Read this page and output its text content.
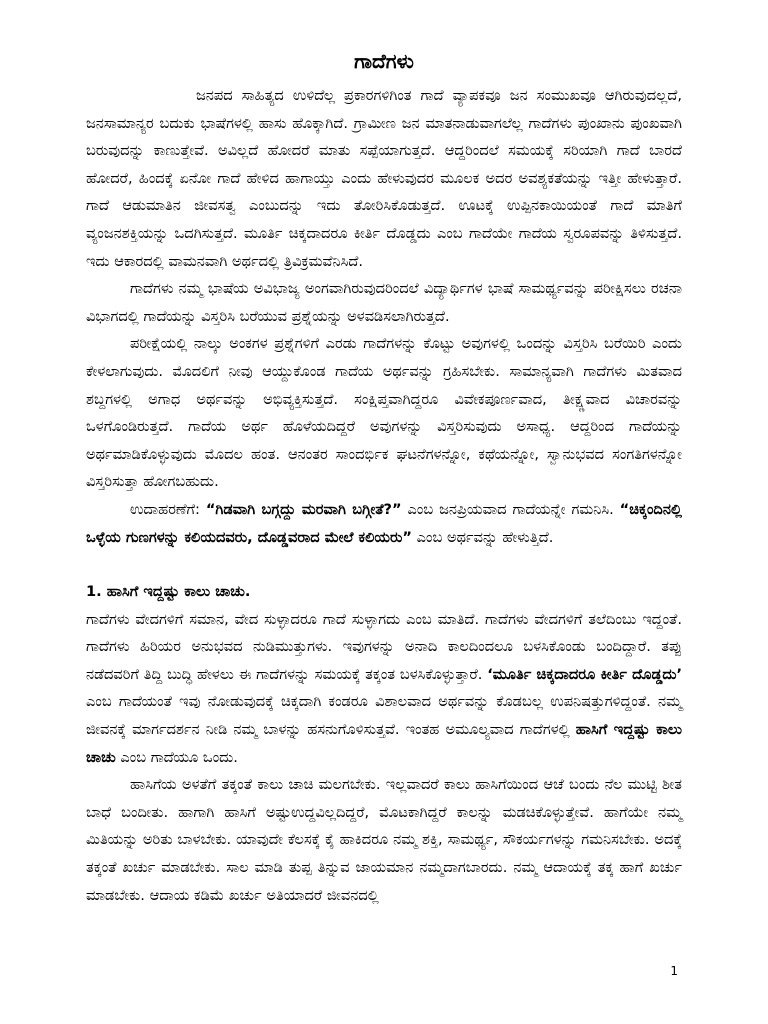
ಗಾದೆಗಳು

ಜನಪದ ಸಾಹಿತ್ಯದ ಉಳಿದೆಲ್ಲ ಪ್ರಕಾರಗಳಿಗಿಂತ ಗಾದೆ ವ್ಯಾಪಕವೂ ಜನ ಸಂಮುಖವೂ ಆಗಿರುವುದಲ್ಲದೆ, ಜನಸಾಮಾನ್ಯರ ಬದುಕು ಭಾಷೆಗಳಲ್ಲಿ ಹಾಸು ಹೊಕ್ಕಾಗಿದೆ. ಗ್ರಾಮೀಣ ಜನ ಮಾತನಾಡುವಾಗಲೆಲ್ಲ ಗಾದೆಗಳು ಪುಂಖಾನು ಪುಂಖವಾಗಿ ಬರುವುದನ್ನು ಕಾಣುತ್ತೇವೆ. ಅವಿಲ್ಲದೆ ಹೋದರೆ ಮಾತು ಸಪ್ಪೆಯಾಗುತ್ತದೆ. ಆದ್ದರಿಂದಲೆ ಸಮಯಕ್ಕೆ ಸರಿಯಾಗಿ ಗಾದೆ ಬಾರದೆ ಹೋದರೆ, ಹಿಂದಕ್ಕೆ ಏನೋ ಗಾದೆ ಹೇಳಿದ ಹಾಗಾಯ್ತು ಎಂದು ಹೇಳುವುದರ ಮೂಲಕ ಅದರ ಅವಶ್ಯಕತೆಯನ್ನು ಇತ್ತೀ ಹೇಳುತ್ತಾರೆ. ಗಾದೆ ಆಡುಮಾತಿನ ಜೀವಸತ್ವ ಎಂಬುದನ್ನು ಇದು ತೋರಿಸಿಕೊಡುತ್ತದೆ. ಊಟಕ್ಕೆ ಉಪ್ಪಿನಕಾಯಿಯಂತೆ ಗಾದೆ ಮಾತಿಗೆ ವ್ಯಂಜನಶಕ್ತಿಯನ್ನು ಒದಗಿಸುತ್ತದೆ. ಮೂರ್ತಿ ಚಿಕ್ಕದಾದರೂ ಕೀರ್ತಿ ದೊಡ್ಡದು ಎಂಬ ಗಾದೆಯೇ ಗಾದೆಯ ಸ್ವರೂಪವನ್ನು ತಿಳಿಸುತ್ತದೆ. ಇದು ಆಕಾರದಲ್ಲಿ ವಾಮನವಾಗಿ ಅರ್ಥದಲ್ಲಿ ತ್ರಿವಿಕ್ರಮವೆನಿಸಿದೆ.

ಗಾದೆಗಳು ನಮ್ಮ ಭಾಷೆಯ ಅವಿಭಾಜ್ಯ ಅಂಗವಾಗಿರುವುದರಿಂದಲೆ ವಿದ್ಯಾರ್ಥಿಗಳ ಭಾಷೆ ಸಾಮರ್ಥ್ಯವನ್ನು ಪರೀಕ್ಷಿಸಲು ರಚನಾ ವಿಭಾಗದಲ್ಲಿ ಗಾದೆಯನ್ನು ವಿಸ್ತರಿಸಿ ಬರೆಯುವ ಪ್ರಶ್ನೆಯನ್ನು ಅಳವಡಿಸಲಾಗಿರುತ್ತದೆ.

ಪರೀಕ್ಷೆಯಲ್ಲಿ ನಾಲ್ಕು ಅಂಕಗಳ ಪ್ರಶ್ನೆಗಳಿಗೆ ಎರಡು ಗಾದೆಗಳನ್ನು ಕೊಟ್ಟು ಅವುಗಳಲ್ಲಿ ಒಂದನ್ನು ವಿಸ್ತರಿಸಿ ಬರೆಯಿರಿ ಎಂದು ಕೇಳಲಾಗುವುದು. ಮೊದಲಿಗೆ ನೀವು ಆಯ್ದುಕೊಂಡ ಗಾದೆಯ ಅರ್ಥವನ್ನು ಗ್ರಹಿಸಬೇಕು. ಸಾಮಾನ್ಯವಾಗಿ ಗಾದೆಗಳು ಮಿತವಾದ ಶಬ್ದಗಳಲ್ಲಿ ಅಗಾಧ ಅರ್ಥವನ್ನು ಅಭಿವ್ಯಕ್ತಿಸುತ್ತದೆ. ಸಂಕ್ಷಿಪ್ತವಾಗಿದ್ದರೂ ವಿವೇಕಪೂರ್ಣವಾದ, ತೀಕ್ಷ್ಣವಾದ ವಿಚಾರವನ್ನು ಒಳಗೊಂಡಿರುತ್ತದೆ. ಗಾದೆಯ ಅರ್ಥ ಹೊಳೆಯದಿದ್ದರೆ ಅವುಗಳನ್ನು ವಿಸ್ತರಿಸುವುದು ಅಸಾಧ್ಯ. ಆದ್ದರಿಂದ ಗಾದೆಯನ್ನು ಅರ್ಥಮಾಡಿಕೊಳ್ಳುವುದು ಮೊದಲ ಹಂತ. ಆನಂತರ ಸಾಂದರ್ಭಿಕ ಘಟನೆಗಳನ್ನೋ, ಕಥೆಯನ್ನೋ, ಸ್ವಾನುಭವದ ಸಂಗತಿಗಳನ್ನೋ ವಿಸ್ತರಿಸುತ್ತಾ ಹೋಗಬಹುದು.

ಉದಾಹರಣೆಗೆ: “ಗಿಡವಾಗಿ ಬಗ್ಗದ್ದು ಮರವಾಗಿ ಬಗ್ಗೀತೆ?” ಎಂಬ ಜನಪ್ರಿಯವಾದ ಗಾದೆಯನ್ನೇ ಗಮನಿಸಿ. “ಚಿಕ್ಕಂದಿನಲ್ಲಿ ಒಳ್ಳೆಯ ಗುಣಗಳನ್ನು ಕಲಿಯದವರು, ದೊಡ್ಡವರಾದ ಮೇಲೆ ಕಲಿಯರು” ಎಂಬ ಅರ್ಥವನ್ನು ಹೇಳುತ್ತಿದೆ.

1. ಹಾಸಿಗೆ ಇದ್ದಷ್ಟು ಕಾಲು ಚಾಚು.

ಗಾದೆಗಳು ವೇದಗಳಿಗೆ ಸಮಾನ, ವೇದ ಸುಳ್ಳಾದರೂ ಗಾದೆ ಸುಳ್ಳಾಗದು ಎಂಬ ಮಾತಿದೆ. ಗಾದೆಗಳು ವೇದಗಳಿಗೆ ತಲೆದಿಂಬು ಇದ್ದಂತೆ. ಗಾದೆಗಳು ಹಿರಿಯರ ಅನುಭವದ ನುಡಿಮುತ್ತುಗಳು. ಇವುಗಳನ್ನು ಅನಾದಿ ಕಾಲದಿಂದಲೂ ಬಳಸಿಕೊಂಡು ಬಂದಿದ್ದಾರೆ. ತಪ್ಪು ನಡೆದವರಿಗೆ ತಿದ್ದಿ ಬುದ್ಧಿ ಹೇಳಲು ಈ ಗಾದೆಗಳನ್ನು ಸಮಯಕ್ಕೆ ತಕ್ಕಂತ ಬಳಸಿಕೊಳ್ಳುತ್ತಾರೆ. ‘ಮೂರ್ತಿ ಚಿಕ್ಕದಾದರೂ ಕೀರ್ತಿ ದೊಡ್ಡದು’ ಎಂಬ ಗಾದೆಯಂತೆ ಇವು ನೋಡುವುದಕ್ಕೆ ಚಿಕ್ಕದಾಗಿ ಕಂಡರೂ ವಿಶಾಲವಾದ ಅರ್ಥವನ್ನು ಕೊಡಬಲ್ಲ ಉಪನಿಷತ್ತುಗಳಿದ್ದಂತೆ. ನಮ್ಮ ಜೀವನಕ್ಕೆ ಮಾರ್ಗದರ್ಶನ ನೀಡಿ ನಮ್ಮ ಬಾಳನ್ನು ಹಸನುಗೊಳಿಸುತ್ತವೆ. ಇಂತಹ ಅಮೂಲ್ಯವಾದ ಗಾದೆಗಳಲ್ಲಿ ಹಾಸಿಗೆ ಇದ್ದಷ್ಟು ಕಾಲು ಚಾಚು ಎಂಬ ಗಾದೆಯೂ ಒಂದು.

ಹಾಸಿಗೆಯ ಅಳತೆಗೆ ತಕ್ಕಂತೆ ಕಾಲು ಚಾಚಿ ಮಲಗಬೇಕು. ಇಲ್ಲವಾದರೆ ಕಾಲು ಹಾಸಿಗೆಯಿಂದ ಆಚೆ ಬಂದು ನೆಲ ಮುಟ್ಟಿ ಶೀತ ಬಾಧೆ ಬಂದೀತು. ಹಾಗಾಗಿ ಹಾಸಿಗೆ ಅಷ್ಟುಉದ್ದವಿಲ್ಲದಿದ್ದರೆ, ಮೊಟಕಾಗಿದ್ದರೆ ಕಾಲನ್ನು ಮಡಚಿಕೊಳ್ಳುತ್ತೇವೆ. ಹಾಗೆಯೇ ನಮ್ಮ ಮಿತಿಯನ್ನು ಅರಿತು ಬಾಳಬೇಕು. ಯಾವುದೇ ಕೆಲಸಕ್ಕೆ ಕೈ ಹಾಕಿದರೂ ನಮ್ಮ ಶಕ್ತಿ, ಸಾಮರ್ಥ್ಯ, ಸೌಕರ್ಯಗಳನ್ನು ಗಮನಿಸಬೇಕು. ಅದಕ್ಕೆ ತಕ್ಕಂತೆ ಖರ್ಚು ಮಾಡಬೇಕು. ಸಾಲ ಮಾಡಿ ತುಪ್ಪ ತಿನ್ನುವ ಜಾಯಮಾನ ನಮ್ಮದಾಗಬಾರದು. ನಮ್ಮ ಆದಾಯಕ್ಕೆ ತಕ್ಕ ಹಾಗೆ ಖರ್ಚು ಮಾಡಬೇಕು. ಆದಾಯ ಕಡಿಮೆ ಖರ್ಚು ಅತಿಯಾದರೆ ಜೀವನದಲ್ಲಿ

1
